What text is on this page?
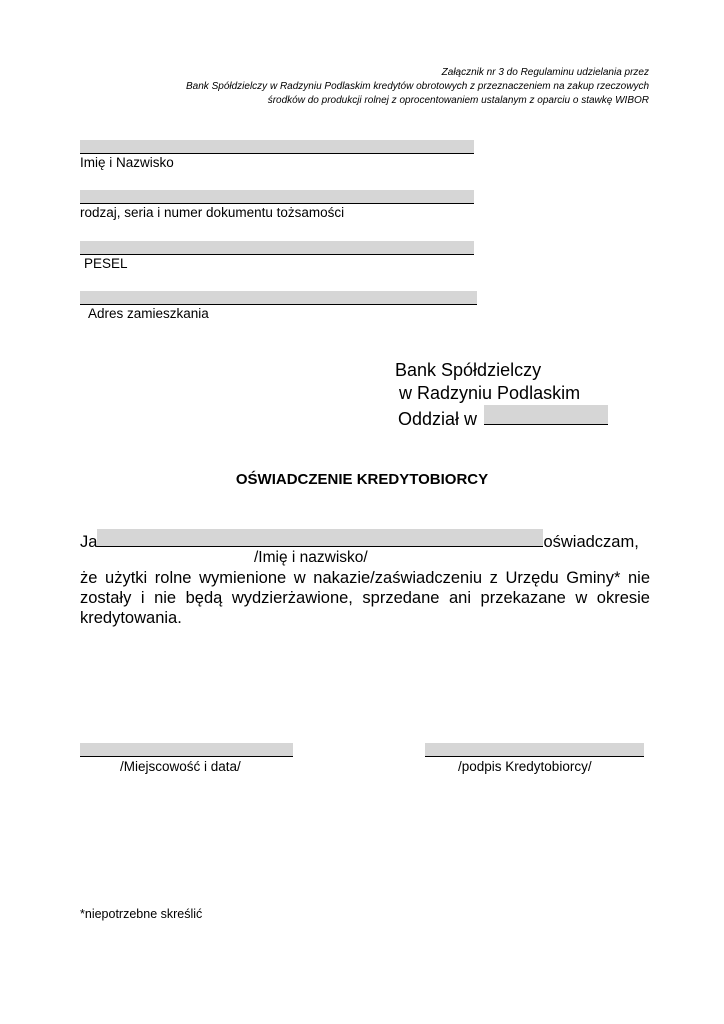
Załącznik nr 3 do Regulaminu udzielania przez
Bank Spółdzielczy w Radzyniu Podlaskim kredytów obrotowych z przeznaczeniem na zakup rzeczowych
środków do produkcji rolnej z oprocentowaniem ustalanym z oparciu o stawkę WIBOR
Imię i Nazwisko
rodzaj, seria i numer dokumentu tożsamości
PESEL
Adres zamieszkania
Bank Spółdzielczy
w Radzyniu Podlaskim
Oddział w
OŚWIADCZENIE KREDYTOBIORCY
Ja	oświadczam,
/Imię i nazwisko/
że użytki rolne wymienione w nakazie/zaświadczeniu z Urzędu Gminy* nie
zostały i nie będą wydzierżawione, sprzedane ani przekazane w okresie
kredytowania.
/Miejscowość i data/	/podpis Kredytobiorcy/
*niepotrzebne skreślić
